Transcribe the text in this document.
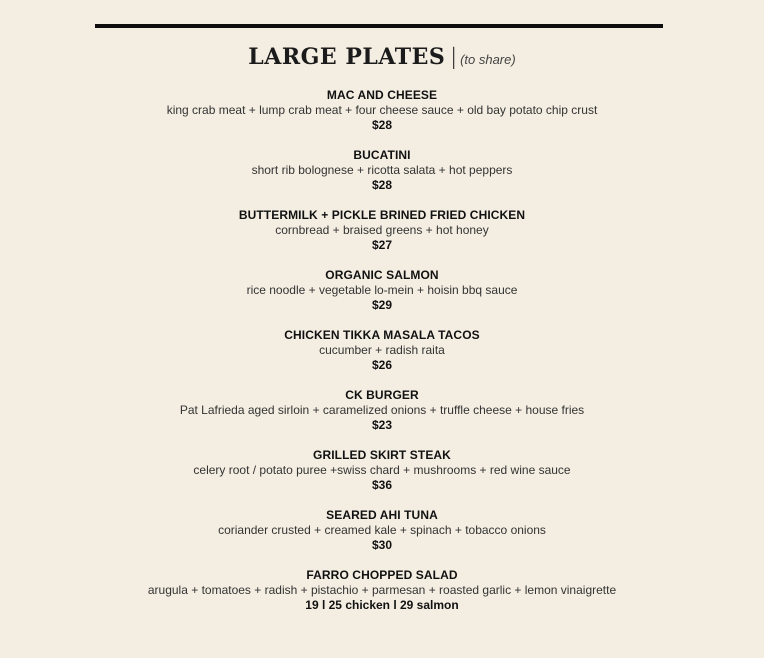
LARGE PLATES | (to share)
MAC AND CHEESE
king crab meat + lump crab meat + four cheese sauce + old bay potato chip crust
$28
BUCATINI
short rib bolognese + ricotta salata + hot peppers
$28
BUTTERMILK + PICKLE BRINED FRIED CHICKEN
cornbread + braised greens + hot honey
$27
ORGANIC SALMON
rice noodle + vegetable lo-mein + hoisin bbq sauce
$29
CHICKEN TIKKA MASALA TACOS
cucumber + radish raita
$26
CK BURGER
Pat Lafrieda aged sirloin + caramelized onions + truffle cheese + house fries
$23
GRILLED SKIRT STEAK
celery root / potato puree +swiss chard + mushrooms + red wine sauce
$36
SEARED AHI TUNA
coriander crusted + creamed kale + spinach + tobacco onions
$30
FARRO CHOPPED SALAD
arugula + tomatoes + radish + pistachio + parmesan + roasted garlic + lemon vinaigrette
19 l 25 chicken l 29 salmon
